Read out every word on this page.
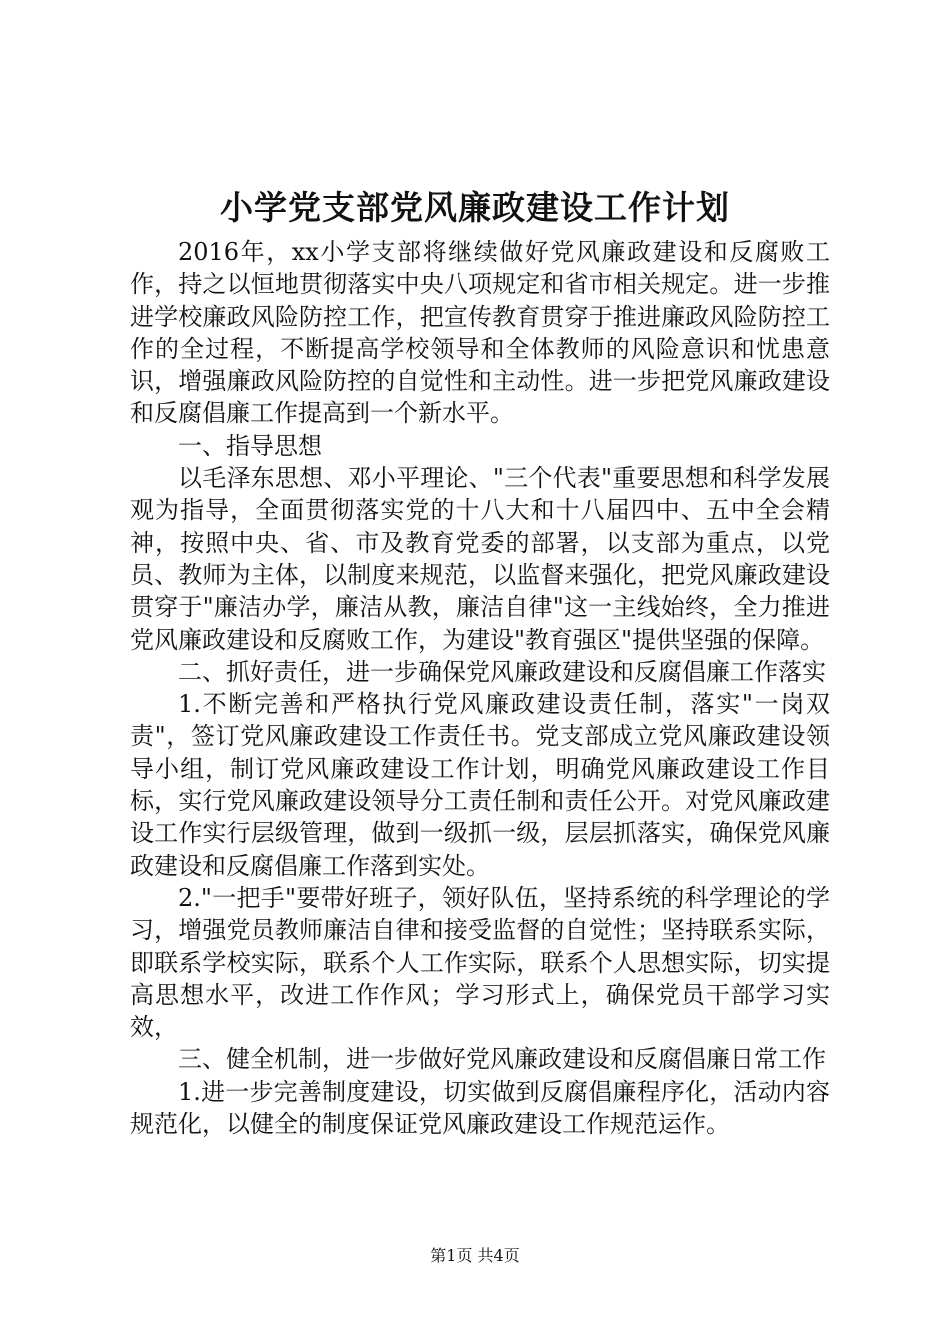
小学党支部党风廉政建设工作计划

2016年，xx小学支部将继续做好党风廉政建设和反腐败工作，持之以恒地贯彻落实中央八项规定和省市相关规定。进一步推进学校廉政风险防控工作，把宣传教育贯穿于推进廉政风险防控工作的全过程，不断提高学校领导和全体教师的风险意识和忧患意识，增强廉政风险防控的自觉性和主动性。进一步把党风廉政建设和反腐倡廉工作提高到一个新水平。

一、指导思想

以毛泽东思想、邓小平理论、"三个代表"重要思想和科学发展观为指导，全面贯彻落实党的十八大和十八届四中、五中全会精神，按照中央、省、市及教育党委的部署，以支部为重点，以党员、教师为主体，以制度来规范，以监督来强化，把党风廉政建设贯穿于"廉洁办学，廉洁从教，廉洁自律"这一主线始终，全力推进党风廉政建设和反腐败工作，为建设"教育强区"提供坚强的保障。

二、抓好责任，进一步确保党风廉政建设和反腐倡廉工作落实

1.不断完善和严格执行党风廉政建设责任制，落实"一岗双责"，签订党风廉政建设工作责任书。党支部成立党风廉政建设领导小组，制订党风廉政建设工作计划，明确党风廉政建设工作目标，实行党风廉政建设领导分工责任制和责任公开。对党风廉政建设工作实行层级管理，做到一级抓一级，层层抓落实，确保党风廉政建设和反腐倡廉工作落到实处。

2."一把手"要带好班子，领好队伍，坚持系统的科学理论的学习，增强党员教师廉洁自律和接受监督的自觉性；坚持联系实际，即联系学校实际，联系个人工作实际，联系个人思想实际，切实提高思想水平，改进工作作风；学习形式上，确保党员干部学习实效，

三、健全机制，进一步做好党风廉政建设和反腐倡廉日常工作

1.进一步完善制度建设，切实做到反腐倡廉程序化，活动内容规范化，以健全的制度保证党风廉政建设工作规范运作。

第1页 共4页
